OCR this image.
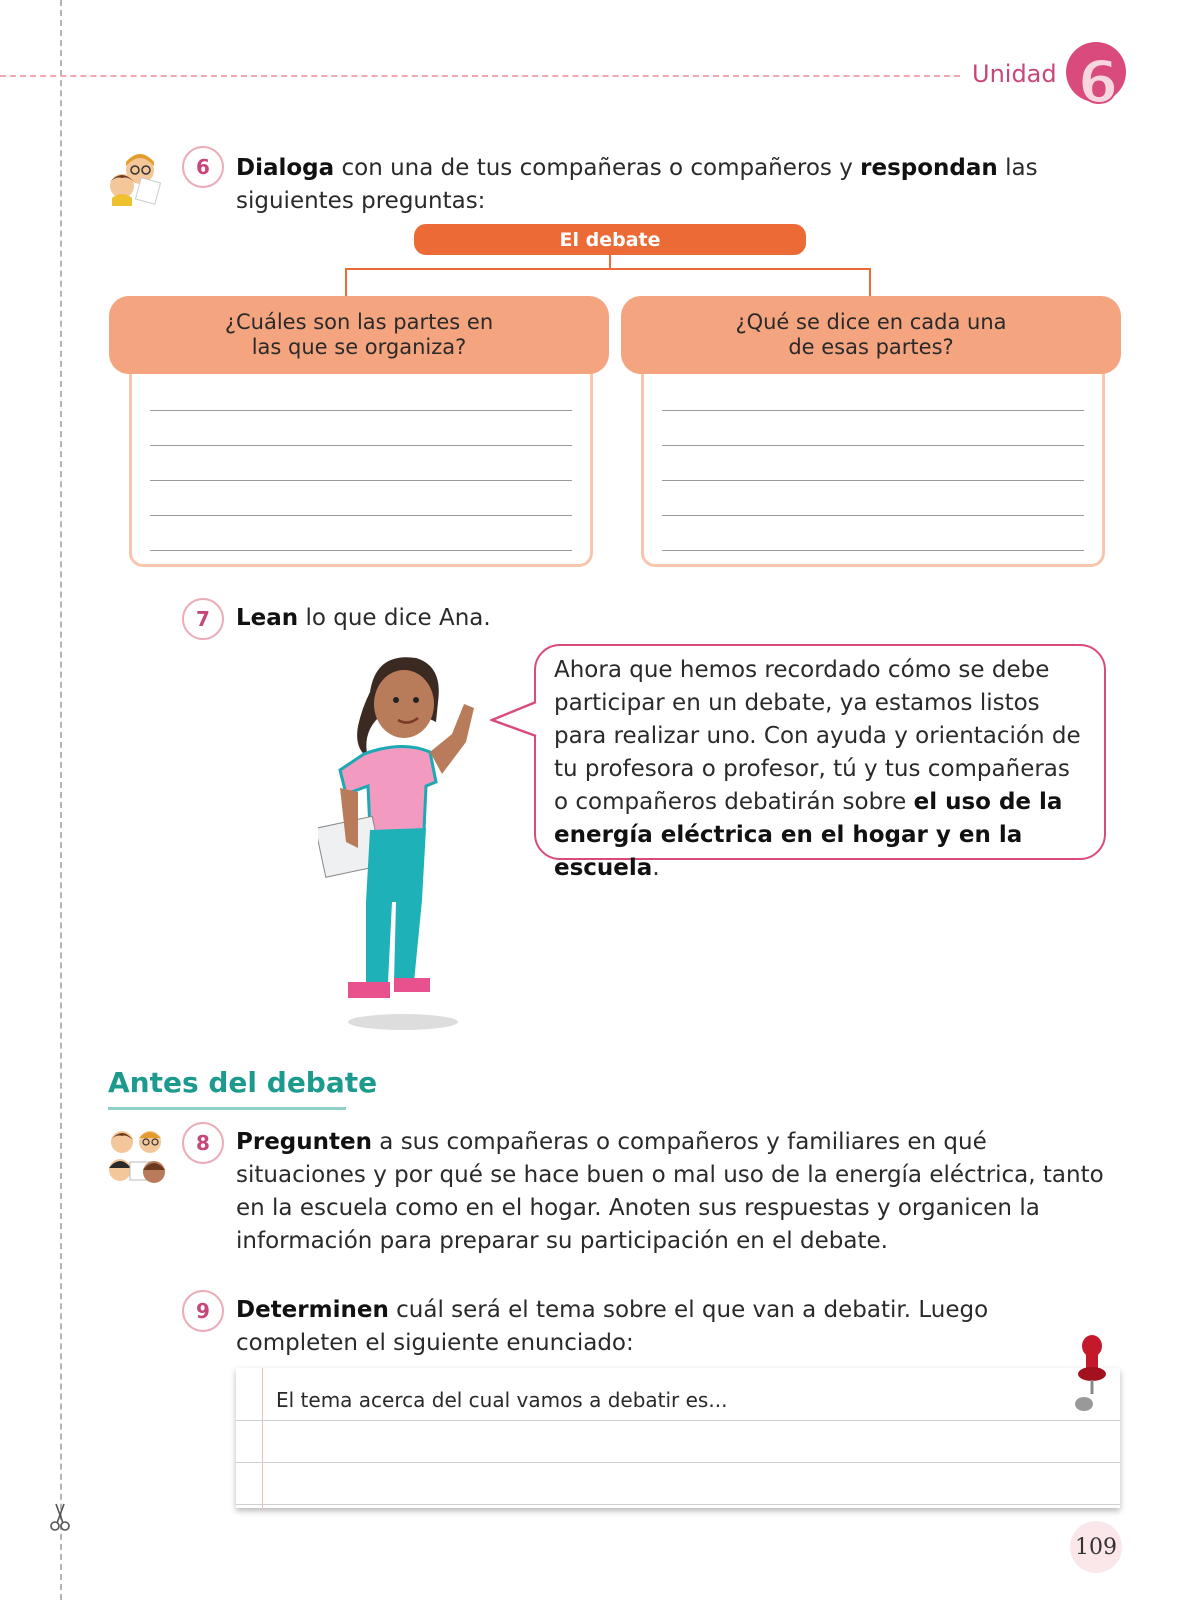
Unidad 6
6	Dialoga con una de tus compañeras o compañeros y respondan las siguientes preguntas:
El debate
¿Cuáles son las partes en las que se organiza?
¿Qué se dice en cada una de esas partes?
7	Lean lo que dice Ana.
Ahora que hemos recordado cómo se debe participar en un debate, ya estamos listos para realizar uno. Con ayuda y orientación de tu profesora o profesor, tú y tus compañeras o compañeros debatirán sobre el uso de la energía eléctrica en el hogar y en la escuela.
Antes del debate
8	Pregunten a sus compañeras o compañeros y familiares en qué situaciones y por qué se hace buen o mal uso de la energía eléctrica, tanto en la escuela como en el hogar. Anoten sus respuestas y organicen la información para preparar su participación en el debate.
9	Determinen cuál será el tema sobre el que van a debatir. Luego completen el siguiente enunciado:
El tema acerca del cual vamos a debatir es...
109
